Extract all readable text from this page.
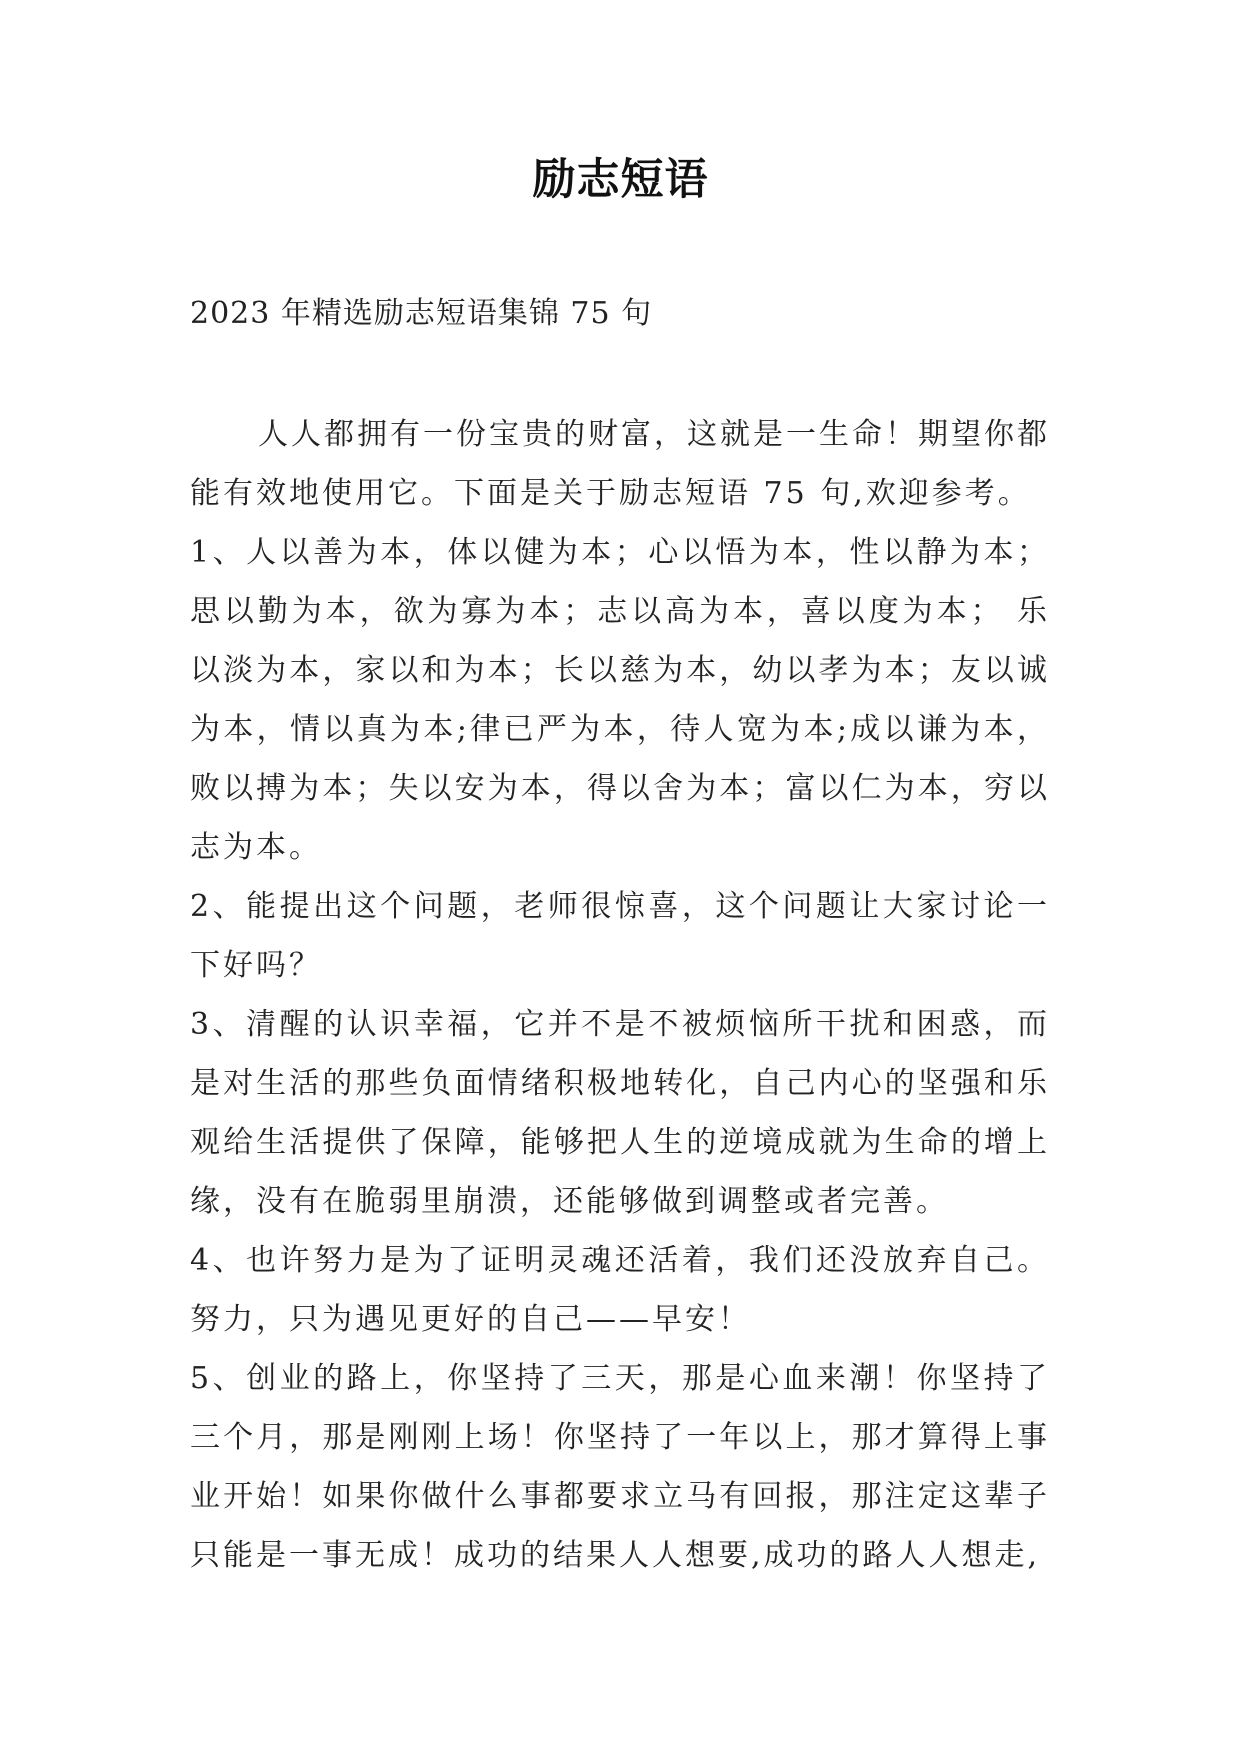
励志短语
2023 年精选励志短语集锦 75 句

人人都拥有一份宝贵的财富，这就是一生命！期望你都能有效地使用它。下面是关于励志短语 75 句,欢迎参考。

1、人以善为本，体以健为本；心以悟为本，性以静为本；思以勤为本，欲为寡为本；志以高为本，喜以度为本； 乐以淡为本，家以和为本；长以慈为本，幼以孝为本；友以诚为本，情以真为本;律已严为本，待人宽为本;成以谦为本，败以搏为本；失以安为本，得以舍为本；富以仁为本，穷以志为本。

2、能提出这个问题，老师很惊喜，这个问题让大家讨论一下好吗？

3、清醒的认识幸福，它并不是不被烦恼所干扰和困惑，而是对生活的那些负面情绪积极地转化，自己内心的坚强和乐观给生活提供了保障，能够把人生的逆境成就为生命的增上缘，没有在脆弱里崩溃，还能够做到调整或者完善。

4、也许努力是为了证明灵魂还活着，我们还没放弃自己。努力，只为遇见更好的自己——早安！

5、创业的路上，你坚持了三天，那是心血来潮！你坚持了三个月，那是刚刚上场！你坚持了一年以上，那才算得上事业开始！如果你做什么事都要求立马有回报，那注定这辈子只能是一事无成！成功的结果人人想要,成功的路人人想走,
